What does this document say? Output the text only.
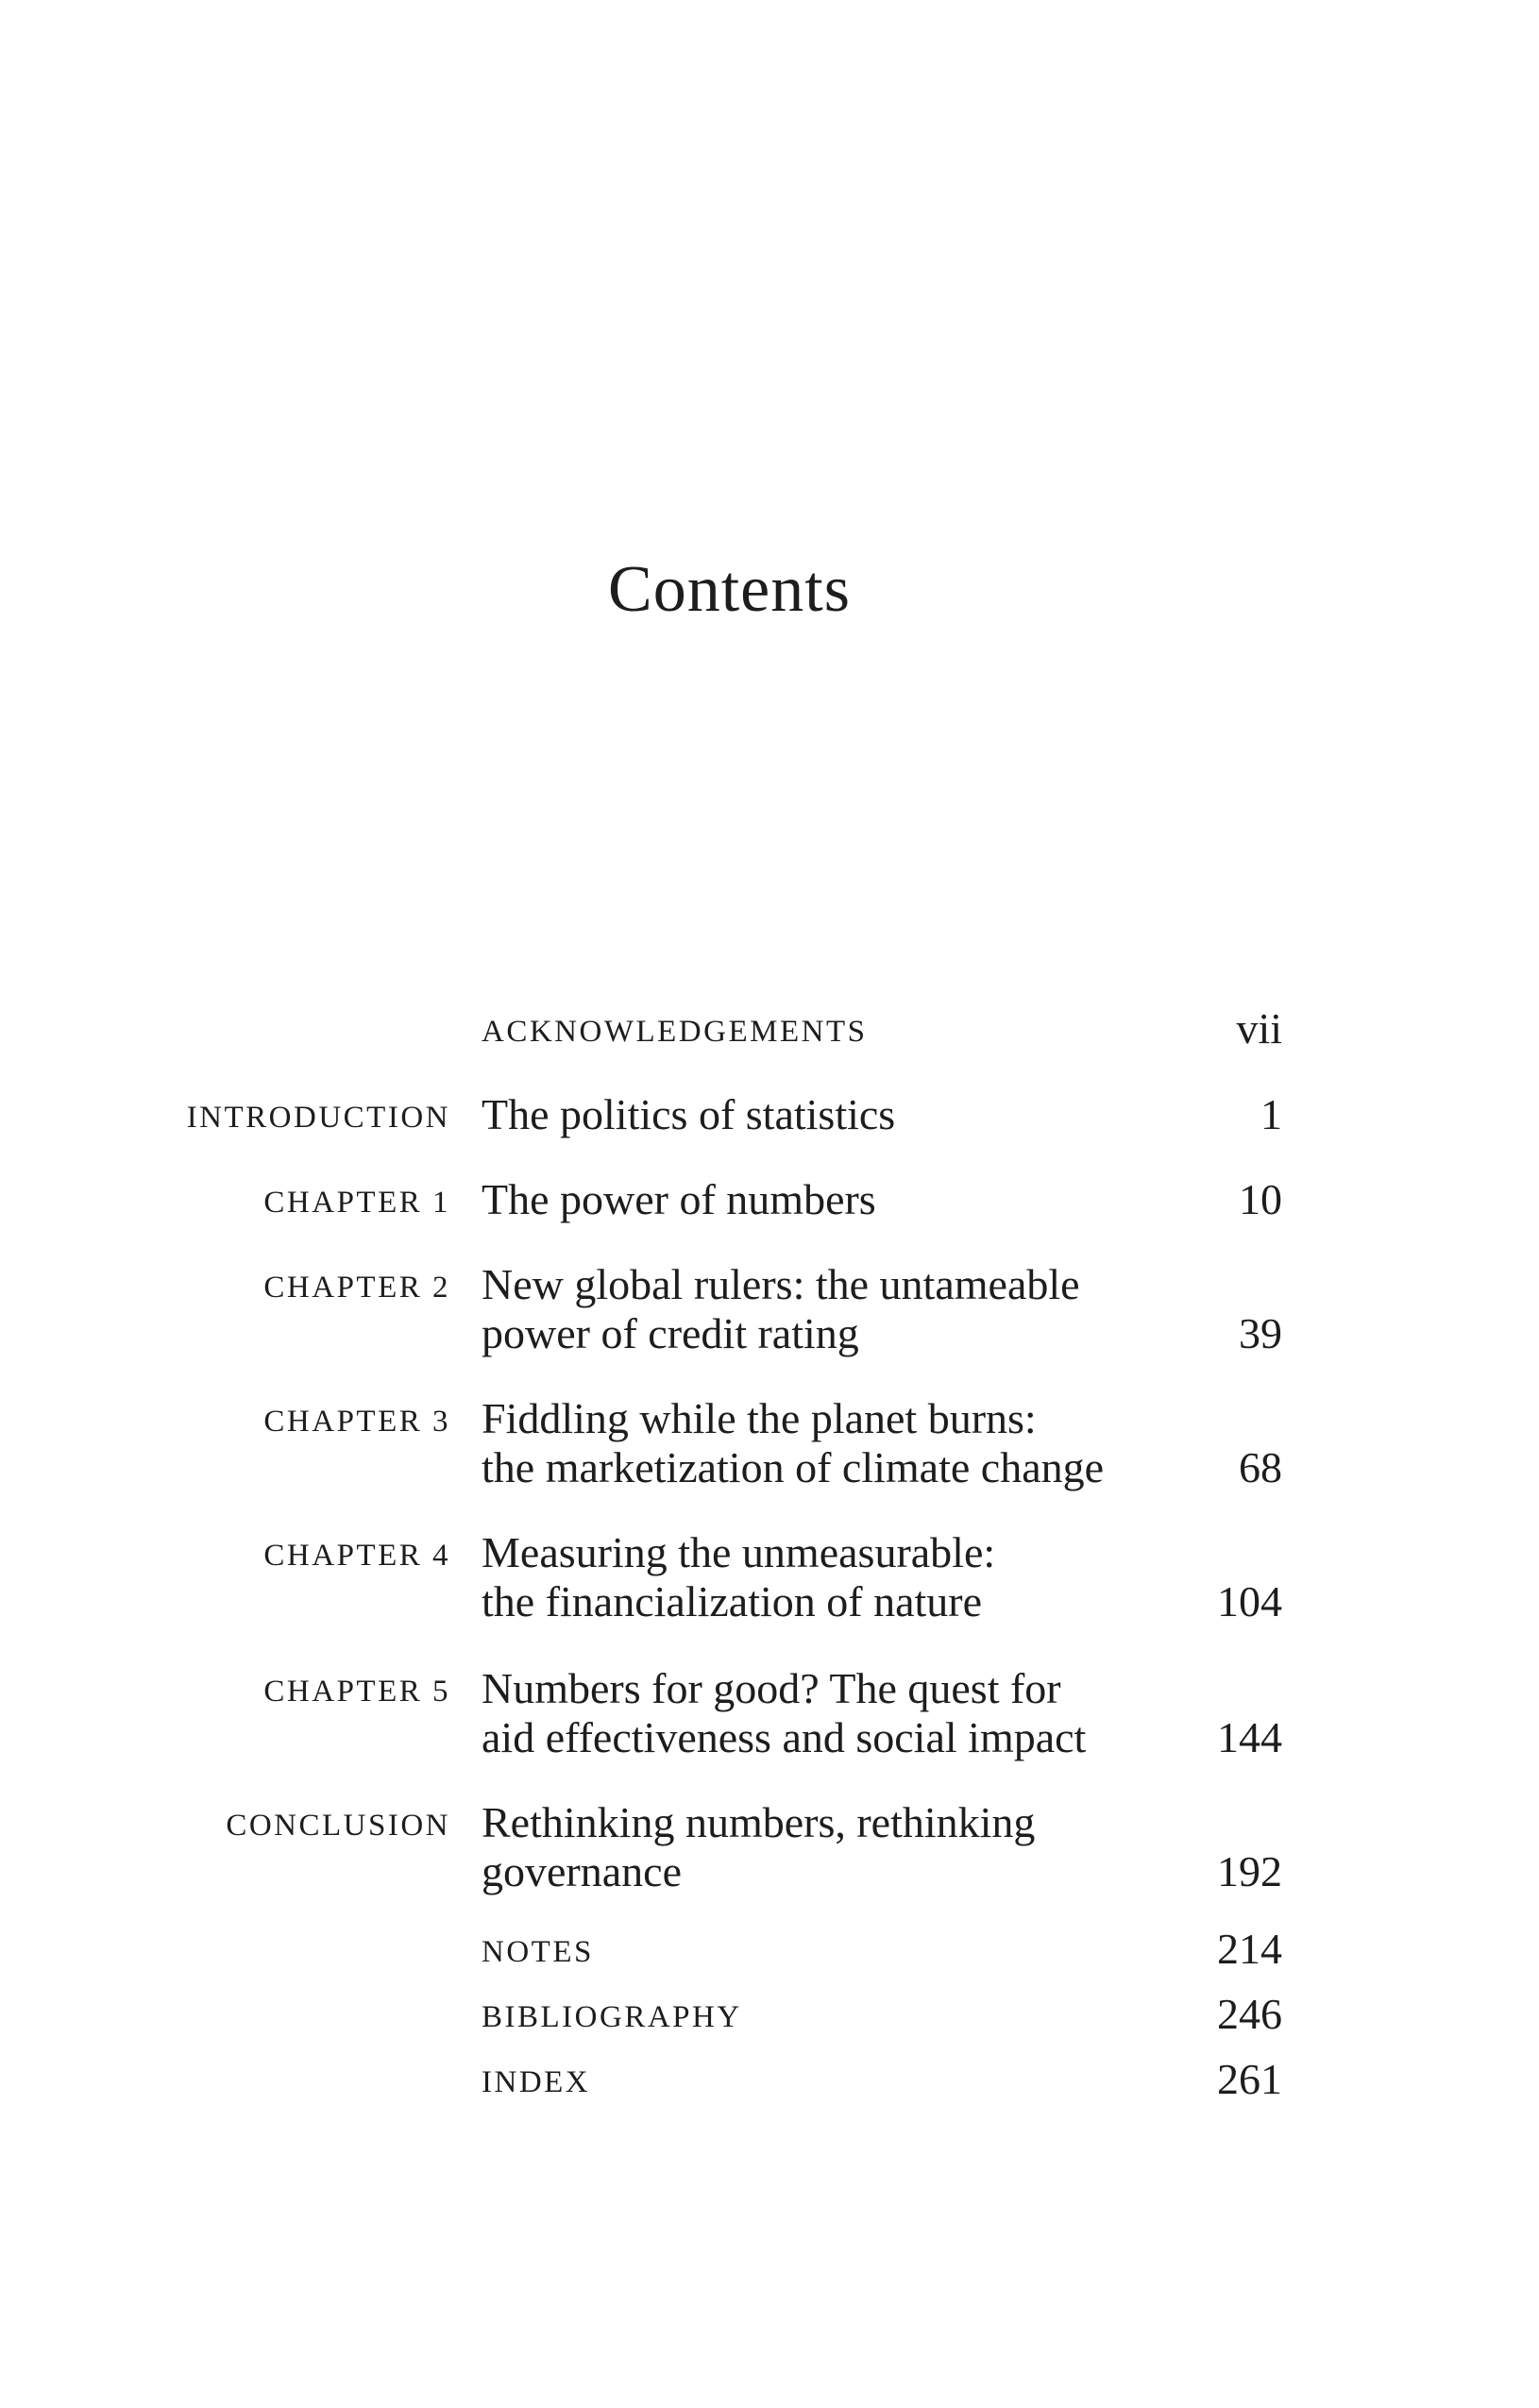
Contents
ACKNOWLEDGEMENTS	vii
INTRODUCTION The politics of statistics	1
CHAPTER 1 The power of numbers	10
CHAPTER 2 New global rulers: the untameable
power of credit rating	39
CHAPTER 3 Fiddling while the planet burns:
the marketization of climate change	68
CHAPTER 4 Measuring the unmeasurable:
the financialization of nature	104
CHAPTER 5 Numbers for good? The quest for
aid effectiveness and social impact	144
CONCLUSION Rethinking numbers, rethinking
governance	192
NOTES	214
BIBLIOGRAPHY	246
INDEX	261
